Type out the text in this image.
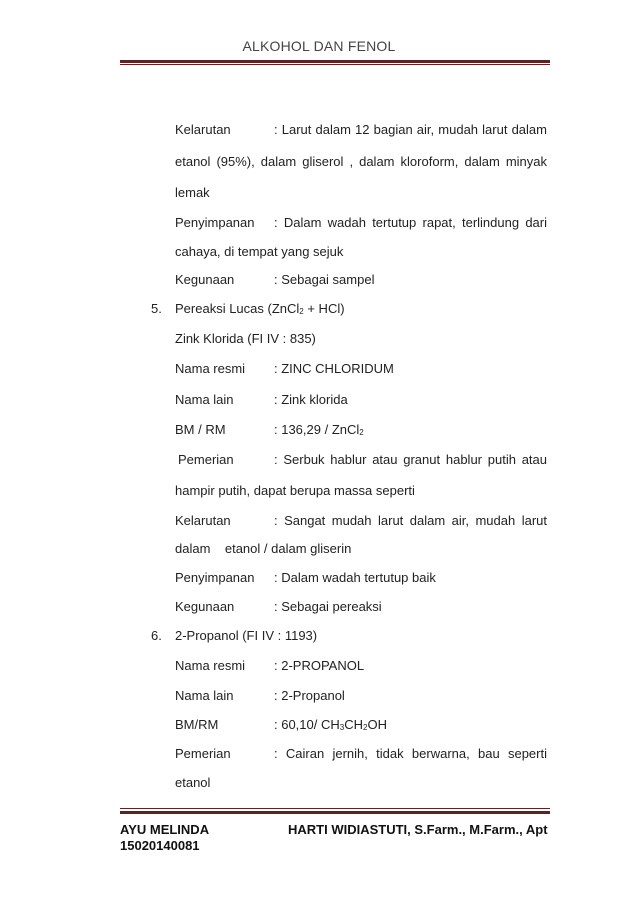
ALKOHOL DAN FENOL
Kelarutan	: Larut dalam 12 bagian air, mudah larut dalam
etanol (95%), dalam gliserol , dalam kloroform, dalam minyak
lemak
Penyimpanan : Dalam wadah tertutup rapat, terlindung dari
cahaya, di tempat yang sejuk
Kegunaan	: Sebagai sampel
5. Pereaksi Lucas (ZnCl$_2$ + HCl)
Zink Klorida (FI IV : 835)
Nama resmi : ZINC CHLORIDUM
Nama lain	: Zink klorida
BM / RM	: 136,29 / ZnCl$_2$
Pemerian	: Serbuk hablur atau granut hablur putih atau
hampir putih, dapat berupa massa seperti
Kelarutan	: Sangat mudah larut dalam air, mudah larut
dalam    etanol / dalam gliserin
Penyimpanan : Dalam wadah tertutup baik
Kegunaan	: Sebagai pereaksi
6. 2-Propanol (FI IV : 1193)
Nama resmi : 2-PROPANOL
Nama lain	: 2-Propanol
BM/RM	: 60,10/ $CH_3CH_2OH$
Pemerian	: Cairan jernih, tidak berwarna, bau seperti
etanol
AYU MELINDA	HARTI WIDIASTUTI, S.Farm., M.Farm., Apt
15020140081
